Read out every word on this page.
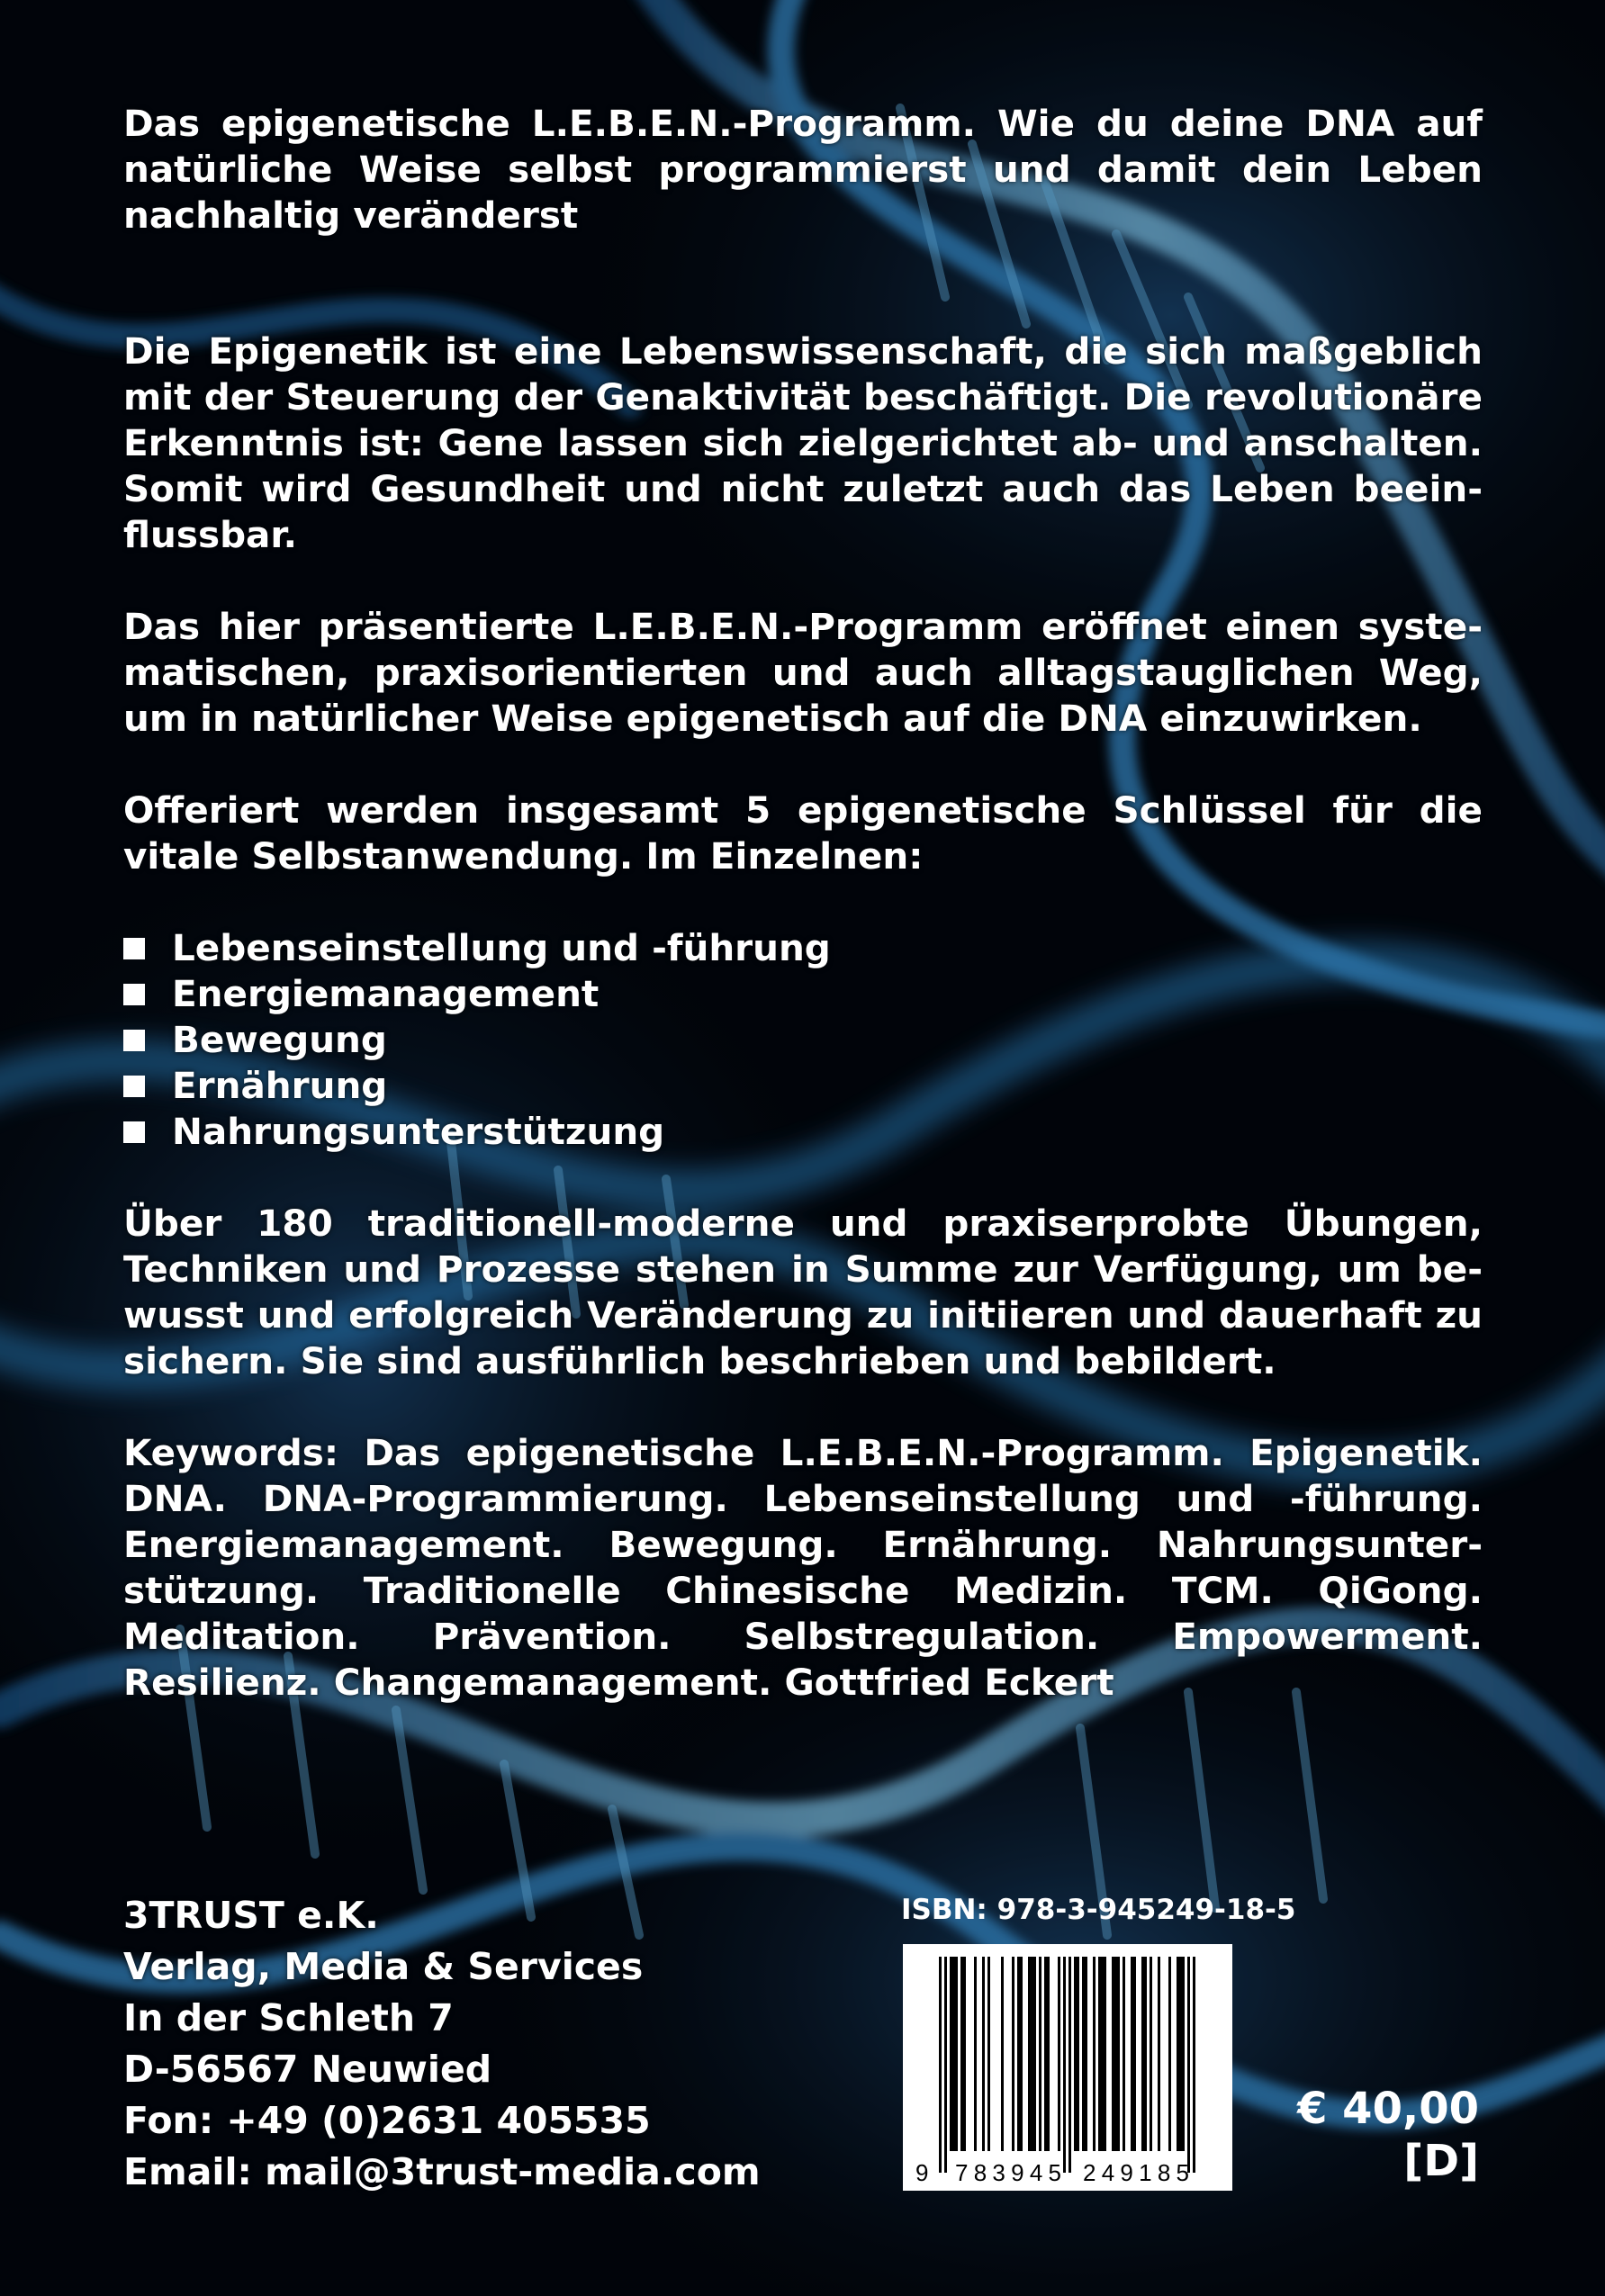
Das epigenetische L.E.B.E.N.-Programm. Wie du deine DNA auf natürliche Weise selbst programmierst und damit dein Leben nachhaltig veränderst

Die Epigenetik ist eine Lebenswissenschaft, die sich maßgeblich mit der Steuerung der Genaktivität beschäftigt. Die revolutionäre Erkenntnis ist: Gene lassen sich zielgerichtet ab- und anschalten. Somit wird Gesundheit und nicht zuletzt auch das Leben beeinflussbar.

Das hier präsentierte L.E.B.E.N.-Programm eröffnet einen systematischen, praxisorientierten und auch alltagstauglichen Weg, um in natürlicher Weise epigenetisch auf die DNA einzuwirken.

Offeriert werden insgesamt 5 epigenetische Schlüssel für die vitale Selbstanwendung. Im Einzelnen:

Lebenseinstellung und -führung
Energiemanagement
Bewegung
Ernährung
Nahrungsunterstützung

Über 180 traditionell-moderne und praxiserprobte Übungen, Techniken und Prozesse stehen in Summe zur Verfügung, um bewusst und erfolgreich Veränderung zu initiieren und dauerhaft zu sichern. Sie sind ausführlich beschrieben und bebildert.

Keywords: Das epigenetische L.E.B.E.N.-Programm. Epigenetik. DNA. DNA-Programmierung. Lebenseinstellung und -führung. Energiemanagement. Bewegung. Ernährung. Nahrungsunterstützung. Traditionelle Chinesische Medizin. TCM. QiGong. Meditation. Prävention. Selbstregulation. Empowerment. Resilienz. Changemanagement. Gottfried Eckert

3TRUST e.K.
Verlag, Media & Services
In der Schleth 7
D-56567 Neuwied
Fon: +49 (0)2631 405535
Email: mail@3trust-media.com
ISBN: 978-3-945249-18-5
9 783945 249185
€ 40,00
[D]
